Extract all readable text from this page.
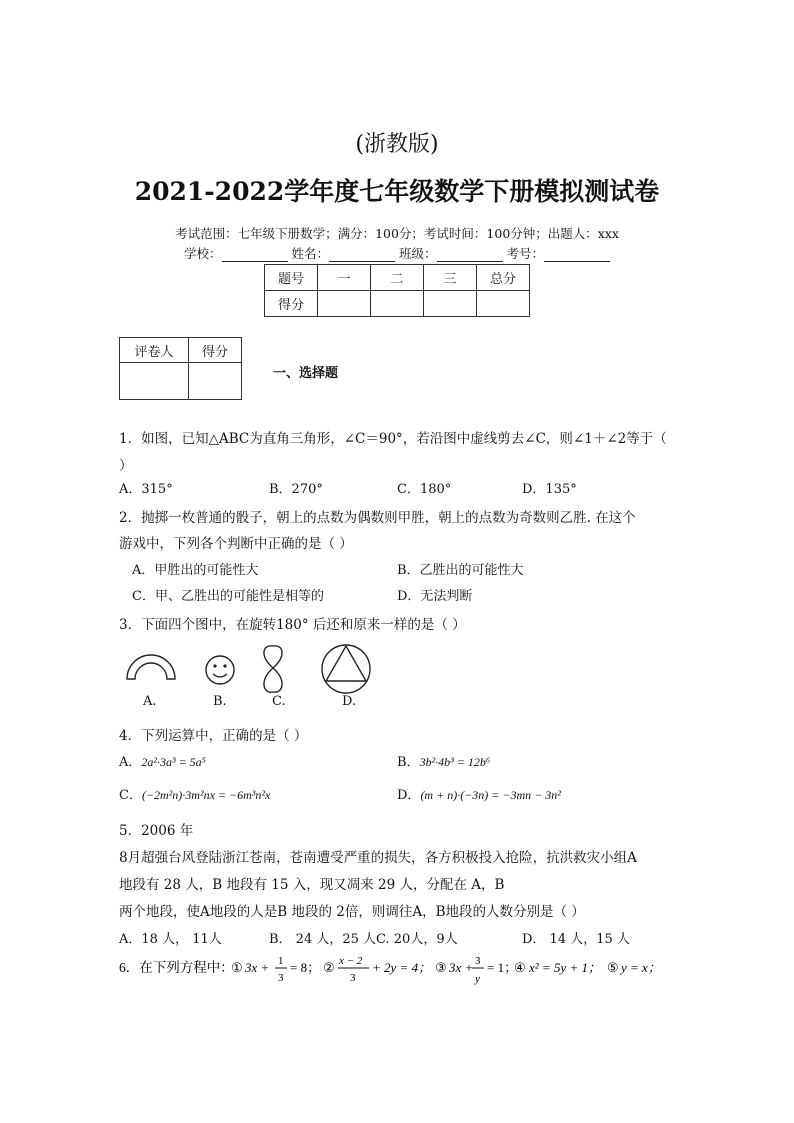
(浙教版)
2021-2022学年度七年级数学下册模拟测试卷
考试范围：七年级下册数学；满分：100分；考试时间：100分钟；出题人：xxx
学校：	姓名：	班级：	考号：
题号	一	二	三	总分
得分				
评卷人	得分

一、选择题
1．如图，已知△ABC为直角三角形，∠C＝90°，若沿图中虚线剪去∠C，则∠1＋∠2等于（
）
A．315°	B．270°	C．180°	D．135°
2．抛掷一枚普通的骰子，朝上的点数为偶数则甲胜，朝上的点数为奇数则乙胜. 在这个
游戏中，下列各个判断中正确的是（ ）
A．甲胜出的可能性大	B．乙胜出的可能性大
C．甲、乙胜出的可能性是相等的	D．无法判断
3．下面四个图中，在旋转180° 后还和原来一样的是（ ）
A.	B.	C.	D.
4．下列运算中，正确的是（ ）
A．2a²·3a³ = 5a⁵	B．3b²·4b³ = 12b⁶
C．(−2m²n)·3m²nx = −6m³n²x	D．(m + n)·(−3n) = −3mn − 3n²
5．2006 年
8月超强台风登陆浙江苍南，苍南遭受严重的损失，各方积极投入抢险，抗洪救灾小组A
地段有 28 人，B 地段有 15 入，现又凋来 29 人，分配在 A，B
两个地段，使A地段的人是B 地段的 2倍，则调往A，B地段的人数分别是（ ）
A．18 人， 11人	B． 24 人，25 人C. 20人，9人	D． 14 人，15 人
6．在下列方程中：
① 3x + 1
3
= 8； ② x − 2
3
+ 2y = 4； ③ 3x + 3
y
= 1；
④ x² = 5y + 1； ⑤ y = x；
